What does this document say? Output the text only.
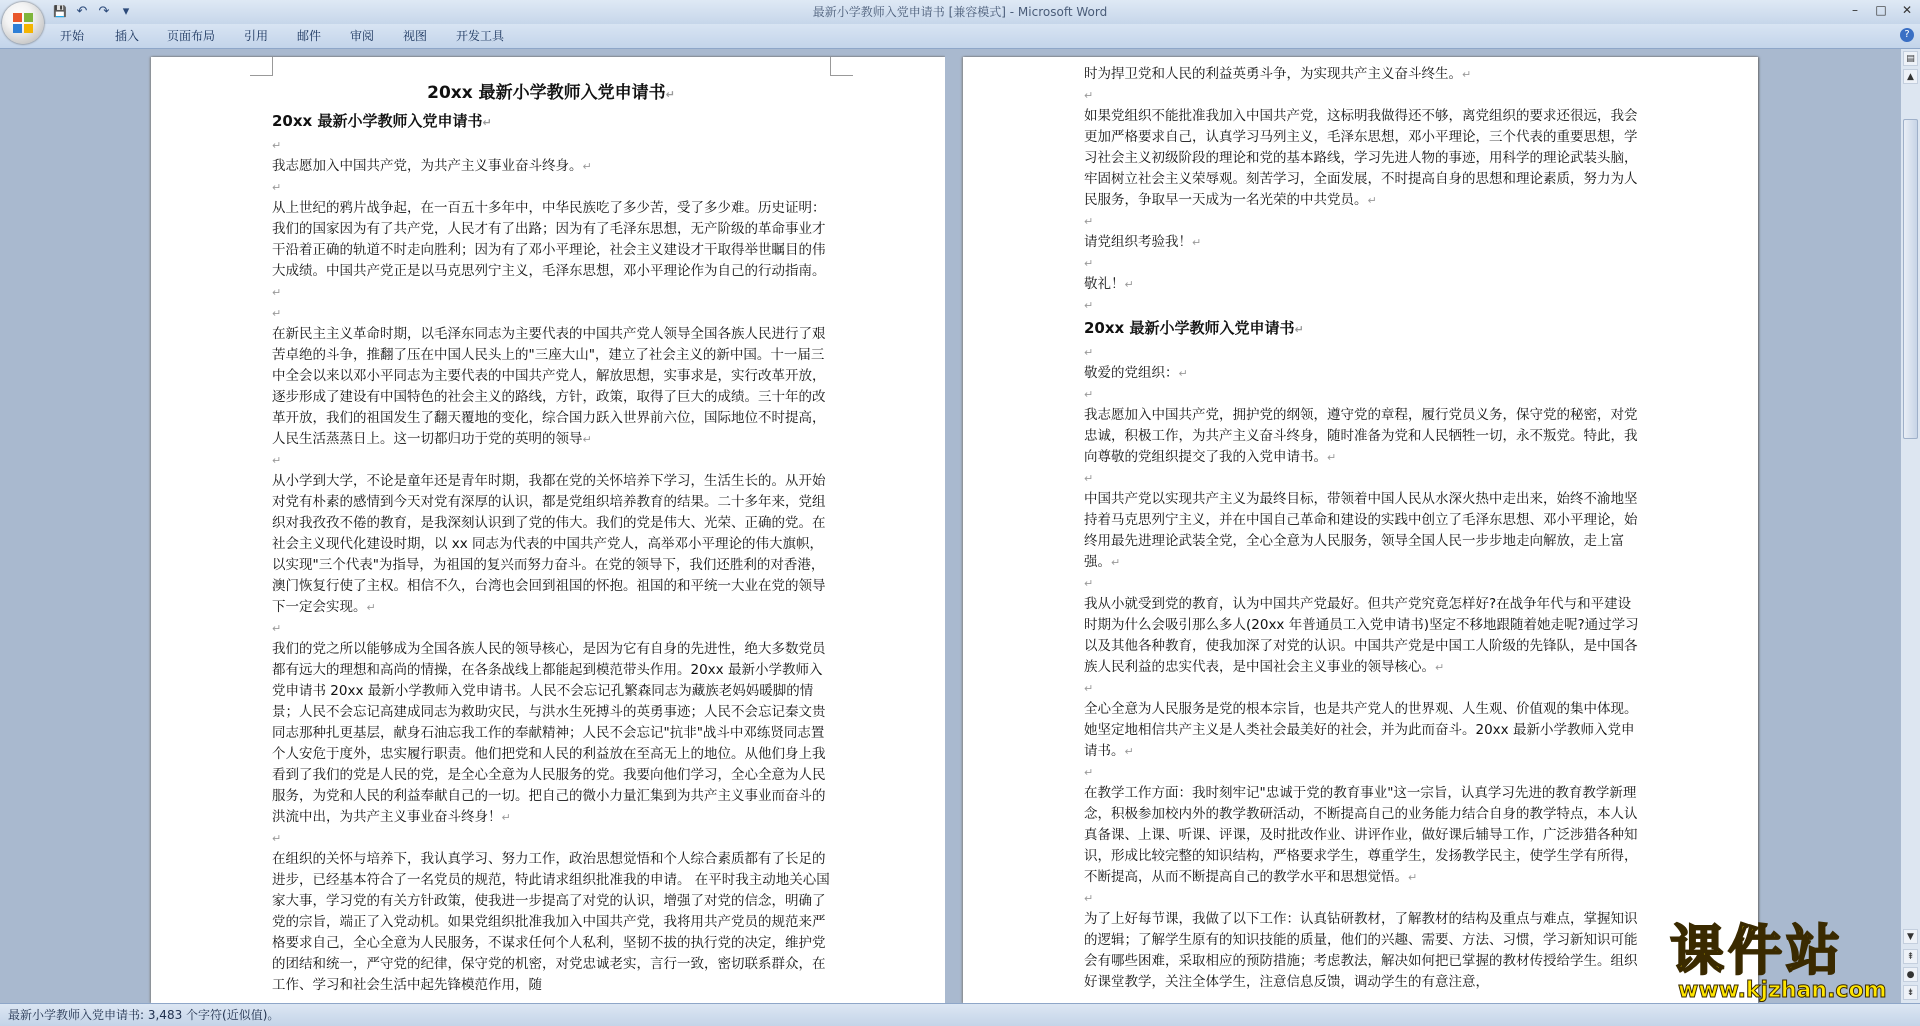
💾 ↶ ↷	▾	最新小学教师入党申请书 [兼容模式] - Microsoft Word	–	□	✕
开始	插入 页面布局 引用 邮件 审阅 视图 开发工具	?

20xx 最新小学教师入党申请书↵

20xx 最新小学教师入党申请书↵

↵

我志愿加入中国共产党，为共产主义事业奋斗终身。↵

↵

从上世纪的鸦片战争起，在一百五十多年中，中华民族吃了多少苦，受了多少难。历史证明：我们的国家因为有了共产党，人民才有了出路；因为有了毛泽东思想，无产阶级的革命事业才干沿着正确的轨道不时走向胜利；因为有了邓小平理论，社会主义建设才干取得举世瞩目的伟大成绩。中国共产党正是以马克思列宁主义，毛泽东思想，邓小平理论作为自己的行动指南。↵

↵

在新民主主义革命时期，以毛泽东同志为主要代表的中国共产党人领导全国各族人民进行了艰苦卓绝的斗争，推翻了压在中国人民头上的"三座大山"，建立了社会主义的新中国。十一届三中全会以来以邓小平同志为主要代表的中国共产党人，解放思想，实事求是，实行改革开放，逐步形成了建设有中国特色的社会主义的路线，方针，政策，取得了巨大的成绩。三十年的改革开放，我们的祖国发生了翻天覆地的变化，综合国力跃入世界前六位，国际地位不时提高，人民生活蒸蒸日上。这一切都归功于党的英明的领导↵

↵

从小学到大学，不论是童年还是青年时期，我都在党的关怀培养下学习，生活生长的。从开始对党有朴素的感情到今天对党有深厚的认识，都是党组织培养教育的结果。二十多年来，党组织对我孜孜不倦的教育，是我深刻认识到了党的伟大。我们的党是伟大、光荣、正确的党。在社会主义现代化建设时期，以 xx 同志为代表的中国共产党人，高举邓小平理论的伟大旗帜，以实现"三个代表"为指导，为祖国的复兴而努力奋斗。在党的领导下，我们还胜利的对香港，澳门恢复行使了主权。相信不久，台湾也会回到祖国的怀抱。祖国的和平统一大业在党的领导下一定会实现。↵

↵

我们的党之所以能够成为全国各族人民的领导核心，是因为它有自身的先进性，绝大多数党员都有远大的理想和高尚的情操，在各条战线上都能起到模范带头作用。20xx 最新小学教师入党申请书 20xx 最新小学教师入党申请书。人民不会忘记孔繁森同志为藏族老妈妈暖脚的情景；人民不会忘记高建成同志为救助灾民，与洪水生死搏斗的英勇事迹；人民不会忘记秦文贵同志那种扎更基层，献身石油忘我工作的奉献精神；人民不会忘记"抗非"战斗中邓练贤同志置个人安危于度外，忠实履行职责。他们把党和人民的利益放在至高无上的地位。从他们身上我看到了我们的党是人民的党，是全心全意为人民服务的党。我要向他们学习，全心全意为人民服务，为党和人民的利益奉献自己的一切。把自己的微小力量汇集到为共产主义事业而奋斗的洪流中出，为共产主义事业奋斗终身！↵

↵

在组织的关怀与培养下，我认真学习、努力工作，政治思想觉悟和个人综合素质都有了长足的进步，已经基本符合了一名党员的规范，特此请求组织批准我的申请。 在平时我主动地关心国家大事，学习党的有关方针政策，使我进一步提高了对党的认识，增强了对党的信念，明确了党的宗旨，端正了入党动机。如果党组织批准我加入中国共产党，我将用共产党员的规范来严格要求自己，全心全意为人民服务，不谋求任何个人私利，坚韧不拔的执行党的决定，维护党的团结和统一，严守党的纪律，保守党的机密，对党忠诚老实，言行一致，密切联系群众，在工作、学习和社会生活中起先锋模范作用，随

时为捍卫党和人民的利益英勇斗争，为实现共产主义奋斗终生。↵

↵

如果党组织不能批准我加入中国共产党，这标明我做得还不够，离党组织的要求还很远，我会更加严格要求自己，认真学习马列主义，毛泽东思想，邓小平理论，三个代表的重要思想，学习社会主义初级阶段的理论和党的基本路线，学习先进人物的事迹，用科学的理论武装头脑，牢固树立社会主义荣辱观。刻苦学习，全面发展，不时提高自身的思想和理论素质，努力为人民服务，争取早一天成为一名光荣的中共党员。↵

↵

请党组织考验我！↵

↵

敬礼！↵

↵

20xx 最新小学教师入党申请书↵

↵

敬爱的党组织：↵

↵

我志愿加入中国共产党，拥护党的纲领，遵守党的章程，履行党员义务，保守党的秘密，对党忠诚，积极工作，为共产主义奋斗终身，随时准备为党和人民牺牲一切，永不叛党。特此，我向尊敬的党组织提交了我的入党申请书。↵

↵

中国共产党以实现共产主义为最终目标，带领着中国人民从水深火热中走出来，始终不渝地坚持着马克思列宁主义，并在中国自己革命和建设的实践中创立了毛泽东思想、邓小平理论，始终用最先进理论武装全党，全心全意为人民服务，领导全国人民一步步地走向解放，走上富强。↵

↵

我从小就受到党的教育，认为中国共产党最好。但共产党究竟怎样好?在战争年代与和平建设时期为什么会吸引那么多人(20xx 年普通员工入党申请书)坚定不移地跟随着她走呢?通过学习以及其他各种教育，使我加深了对党的认识。中国共产党是中国工人阶级的先锋队，是中国各族人民利益的忠实代表，是中国社会主义事业的领导核心。↵

↵

全心全意为人民服务是党的根本宗旨，也是共产党人的世界观、人生观、价值观的集中体现。她坚定地相信共产主义是人类社会最美好的社会，并为此而奋斗。20xx 最新小学教师入党申请书。↵

↵

在教学工作方面：我时刻牢记"忠诚于党的教育事业"这一宗旨，认真学习先进的教育教学新理念，积极参加校内外的教学教研活动，不断提高自己的业务能力结合自身的教学特点，本人认真备课、上课、听课、评课，及时批改作业、讲评作业，做好课后辅导工作，广泛涉猎各种知识，形成比较完整的知识结构，严格要求学生，尊重学生，发扬教学民主，使学生学有所得，不断提高，从而不断提高自己的教学水平和思想觉悟。↵

↵

为了上好每节课，我做了以下工作：认真钻研教材，了解教材的结构及重点与难点，掌握知识的逻辑；了解学生原有的知识技能的质量，他们的兴趣、需要、方法、习惯，学习新知识可能会有哪些困难，采取相应的预防措施；考虑教法，解决如何把已掌握的教材传授给学生。组织好课堂教学，关注全体学生，注意信息反馈，调动学生的有意注意，

▤
▲
▼
⇞
●
⇟
课件站
www.kjzhan.com
最新小学教师入党申请书: 3,483 个字符(近似值)。
